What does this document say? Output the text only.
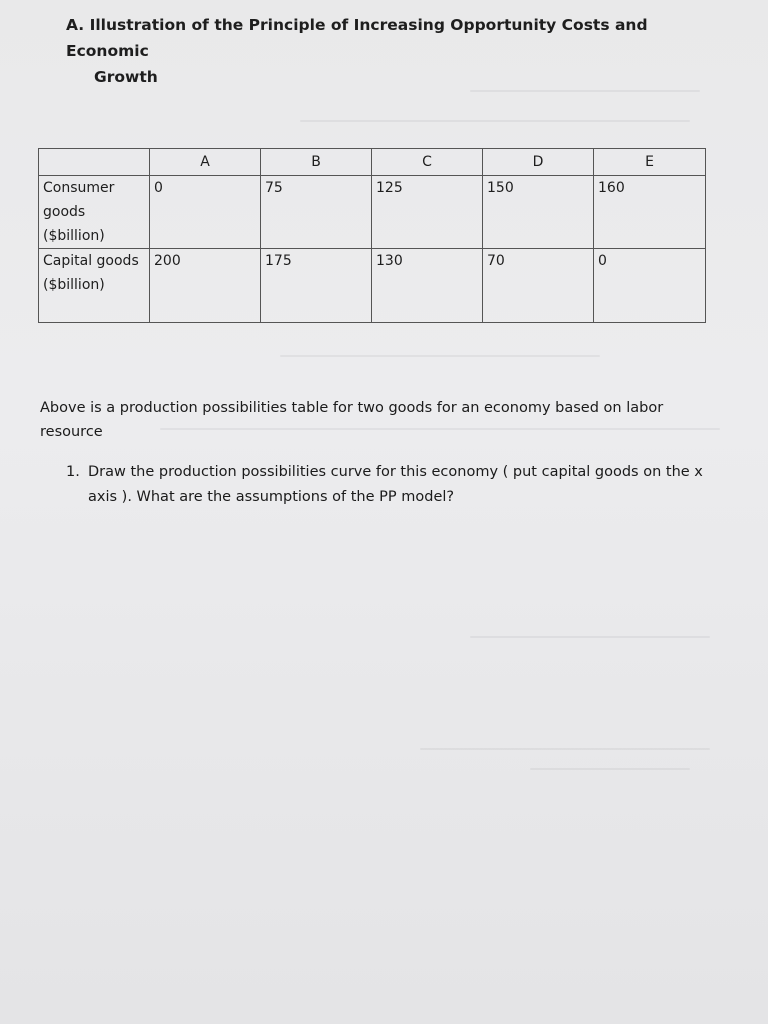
A. Illustration of the Principle of Increasing Opportunity Costs and Economic
Growth
	A	B	C	D	E
Consumer goods ($billion)	0	75	125	150	160
Capital goods ($billion)	200	175	130	70	0
Above is a production possibilities table for two goods for an economy based on labor resource
1. Draw the production possibilities curve for this economy ( put capital goods on the x axis ). What are the assumptions of the PP model?
